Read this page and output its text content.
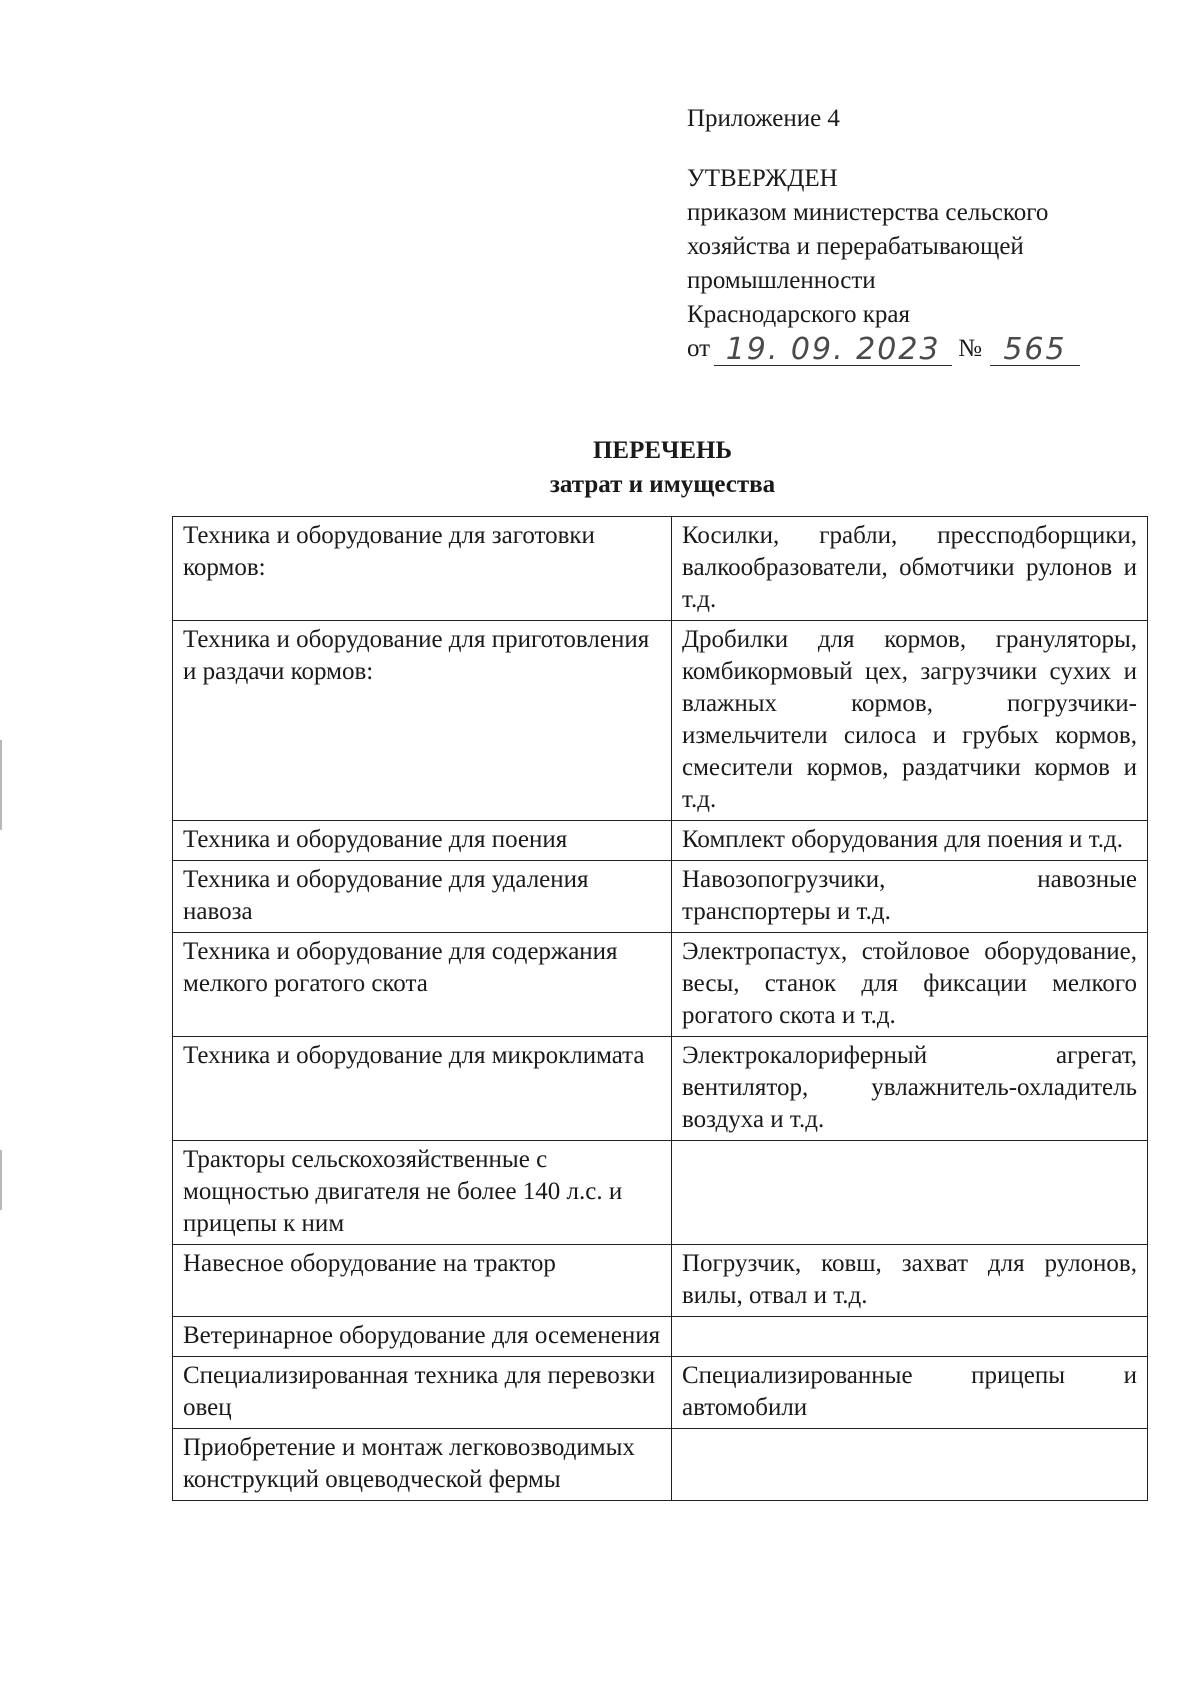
Приложение 4
УТВЕРЖДЕН
приказом министерства сельского
хозяйства и перерабатывающей
промышленности
Краснодарского края
от 19. 09. 2023 № 565
ПЕРЕЧЕНЬ
затрат и имущества
Техника и оборудование для заготовки кормов:	Косилки, грабли, прессподборщики, валкообразователи, обмотчики рулонов и т.д.
Техника и оборудование для приготовления и раздачи кормов:	Дробилки для кормов, грануляторы, комбикормовый цех, загрузчики сухих и влажных кормов, погрузчики-измельчители силоса и грубых кормов, смесители кормов, раздатчики кормов и т.д.
Техника и оборудование для поения	Комплект оборудования для поения и т.д.
Техника и оборудование для удаления навоза	Навозопогрузчики, навозные транспортеры и т.д.
Техника и оборудование для содержания мелкого рогатого скота	Электропастух, стойловое оборудование, весы, станок для фиксации мелкого рогатого скота и т.д.
Техника и оборудование для микроклимата	Электрокалориферный агрегат, вентилятор, увлажнитель-охладитель воздуха и т.д.
Тракторы сельскохозяйственные с мощностью двигателя не более 140 л.с. и прицепы к ним	
Навесное оборудование на трактор	Погрузчик, ковш, захват для рулонов, вилы, отвал и т.д.
Ветеринарное оборудование для осеменения	
Специализированная техника для перевозки овец	Специализированные прицепы и автомобили
Приобретение и монтаж легковозводимых конструкций овцеводческой фермы	
